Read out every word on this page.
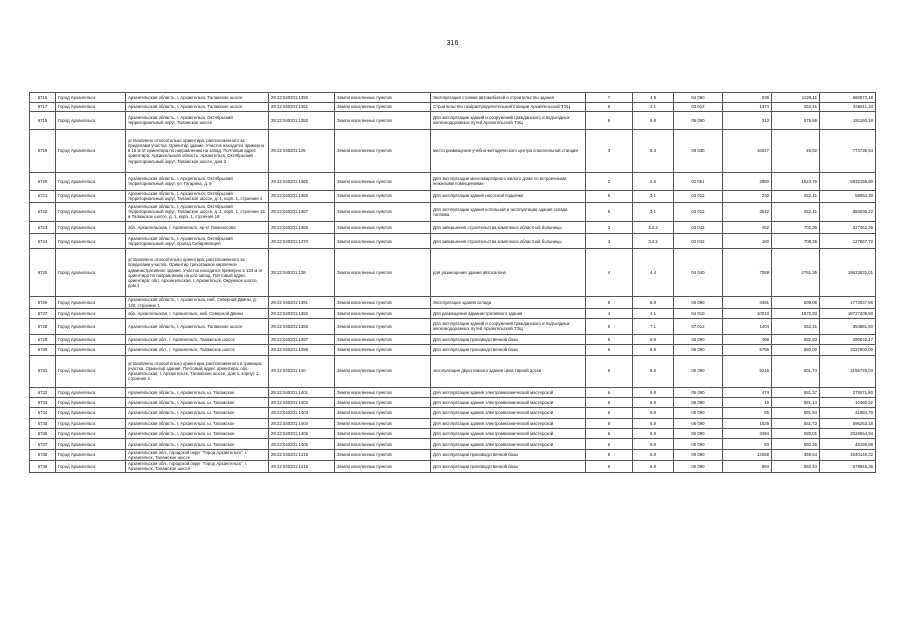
316
6716	Город Архангельск	Архангельская область, г. Архангельск, Талажское шоссе	29:22:040201:1350	Земли населенных пунктов	Эксплуатация стоянки автомобилей и строительство здания	7	4.9	04 060	539	1226,11	660873,18
6717	Город Архангельск	Архангельская область, г. Архангельск, Талажское шоссе	29:22:040201:1351	Земли населенных пунктов	Строительство газораспределительной станции Архангельской ТЭЦ	6	3.1	03 012	1374	252,41	346811,34
6718	Город Архангельск	Архангельская область, г. Архангельск, Октябрьский территориальный округ, Талажское шоссе	29:22:040201:1352	Земли населенных пунктов	Для эксплуатации зданий и сооружений гражданского и подъездных железнодорожных путей Архангельской ТЭЦ	6	6.9	06 090	313	578,66	181160,18
6719	Город Архангельск	установлено относительно ориентира, расположенного за пределами участка. Ориентир здание. Участок находится примерно в 18 м от ориентира по направлению на запад. Почтовый адрес ориентира: Архангельская область, Архангельск, Октябрьский территориальный округ, Талажское шоссе, дом 3	29:22:040201:126	Земли населенных пунктов	место размещения учебно-методического центра спасательной станции	3	8.3	08 030	16547	46,82	774736,54
6720	Город Архангельск	Архангельская область, г. Архангельск, Октябрьский территориальный округ, ул. Гагарина, д. 9	29:22:040201:1365	Земли населенных пунктов	Для эксплуатации многоквартирного жилого дома со встроенными нежилыми помещениями	2	2.5	02 051	2880	1523,76	5925158,80
6721	Город Архангельск	Архангельская область, г. Архангельск, Октябрьский территориальный округ, Талажское шоссе, д. 1, корп. 1, строение 4	29:22:040201:1366	Земли населенных пунктов	Для эксплуатации здания насосной подкачки	6	3.1	03 012	230	252,41	58054,30
6722	Город Архангельск	Архангельская область, г. Архангельск, Октябрьский территориальный округ, Талажское шоссе, д. 1, корп. 1, строение 15 и Талажское шоссе, д. 1, корп. 1, строение 18	29:22:040201:1367	Земли населенных пунктов	Для эксплуатации здания котельной и эксплуатации здания склада топлива	6	3.1	03 012	3542	252,41	894036,22
6723	Город Архангельск	обл. Архангельская, г. Архангельск, пр-кт Ломоносова	29:22:040201:1368	Земли населенных пунктов	Для завершения строительства комплекса областной больницы	3	3.4.2	03 042	452	702,36	317462,26
6724	Город Архангельск	Архангельская область, г. Архангельск, Октябрьский территориальный округ, проезд Сибиряковцев	29:22:040201:1370	Земли населенных пунктов	Для завершения строительства комплекса областной больницы	3	3.4.2	03 042	180	709,35	127667,70
6725	Город Архангельск	установлено относительно ориентира, расположенного за пределами участка. Ориентир трехэтажное кирпичное административное здание. Участок находится примерно в 134 м от ориентира по направлению на юго-запад. Почтовый адрес ориентира: обл. Архангельская, г. Архангельск, Окружное шоссе, дом 1	29:22:040201:138	Земли населенных пунктов	для размещения здания автосалона	4	4.4	04 040	7059	2781,35	19633832,01
6726	Город Архангельск	Архангельская область, г. Архангельск, наб. Северной Двины, д. 140, строение 1	29:22:040201:1381	Земли населенных пунктов	Эксплуатация здания склада	6	6.9	06 090	3481	509,06	1772037,86
6727	Город Архангельск	обл. Архангельская, г. Архангельск, наб. Северной Двины	29:22:040201:1382	Земли населенных пунктов	Для размещения административного здания	4	4.1	04 010	10010	1870,93	18727209,50
6728	Город Архангельск	Архангельская область, г. Архангельск, Талажское шоссе	29:22:040201:1385	Земли населенных пунктов	Для эксплуатации зданий и сооружений гражданского и подъездных железнодорожных путей Архангельской ТЭЦ	6	7.1	07 012	1404	252,41	354881,50
6729	Город Архангельск	Архангельская обл., г. Архангельск, Талажское шоссе	29:22:040201:1397	Земли населенных пунктов	Для эксплуатации производственной базы	6	6.9	06 090	499	582,83	290832,17
6730	Город Архангельск	Архангельская обл., г. Архангельск, Талажское шоссе	29:22:040201:1398	Земли населенных пунктов	Для эксплуатации производственной базы	6	6.9	06 090	5755	580,00	3337900,00
6731	Город Архангельск	установлено относительно ориентира, расположенного в границах участка. Ориентир здание. Почтовый адрес ориентира: обл. Архангельская, г. Архангельск, Талажское шоссе, дом 1, корпус 1, строение 1	29:22:040201:140	Земли населенных пунктов	эксплуатация двухэтажного здания цеха тарной доски	6	6.5	06 060	5246	601,74	3156728,04
6732	Город Архангельск	Архангельская область, г. Архангельск, ш. Талажское	29:22:040201:1401	Земли населенных пунктов	Для эксплуатации здания электромеханической мастерской	6	6.9	06 090	474	581,37	275571,80
6733	Город Архангельск	Архангельская область, г. Архангельск, ш. Талажское	29:22:040201:1402	Земли населенных пунктов	Для эксплуатации здания электромеханической мастерской	6	6.9	06 090	18	581,14	10460,52
6734	Город Архангельск	Архангельская область, г. Архангельск, ш. Талажское	29:22:040201:1403	Земли населенных пунктов	Для эксплуатации здания электромеханической мастерской	6	6.9	06 090	55	581,54	31984,70
6735	Город Архангельск	Архангельская область, г. Архангельск, ш. Талажское	29:22:040201:1404	Земли населенных пунктов	Для эксплуатации здания электромеханической мастерской	6	6.9	06 090	1025	581,72	596263,18
6736	Город Архангельск	Архангельская область, г. Архангельск, ш. Талажское	29:22:040201:1405	Земли населенных пунктов	Для эксплуатации здания электромеханической мастерской	6	6.9	06 090	3494	580,01	2026554,94
6737	Город Архангельск	Архангельская область, г. Архангельск, ш. Талажское	29:22:040201:1406	Земли населенных пунктов	Для эксплуатации здания электромеханической мастерской	6	6.9	06 090	83	580,36	48169,88
6738	Город Архангельск	Архангельская обл., городской округ "Город Архангельск", г. Архангельск, Талажское шоссе	29:22:040201:1415	Земли населенных пунктов	Для эксплуатации производственной базы	6	6.9	06 090	12068	359,64	4340146,32
6739	Город Архангельск	Архангельская обл., городской округ "Город Архангельск", г. Архангельск, Талажское шоссе	29:22:040201:1416	Земли населенных пунктов	Для эксплуатации производственной базы	6	6.9	06 090	994	582,44	578945,36
